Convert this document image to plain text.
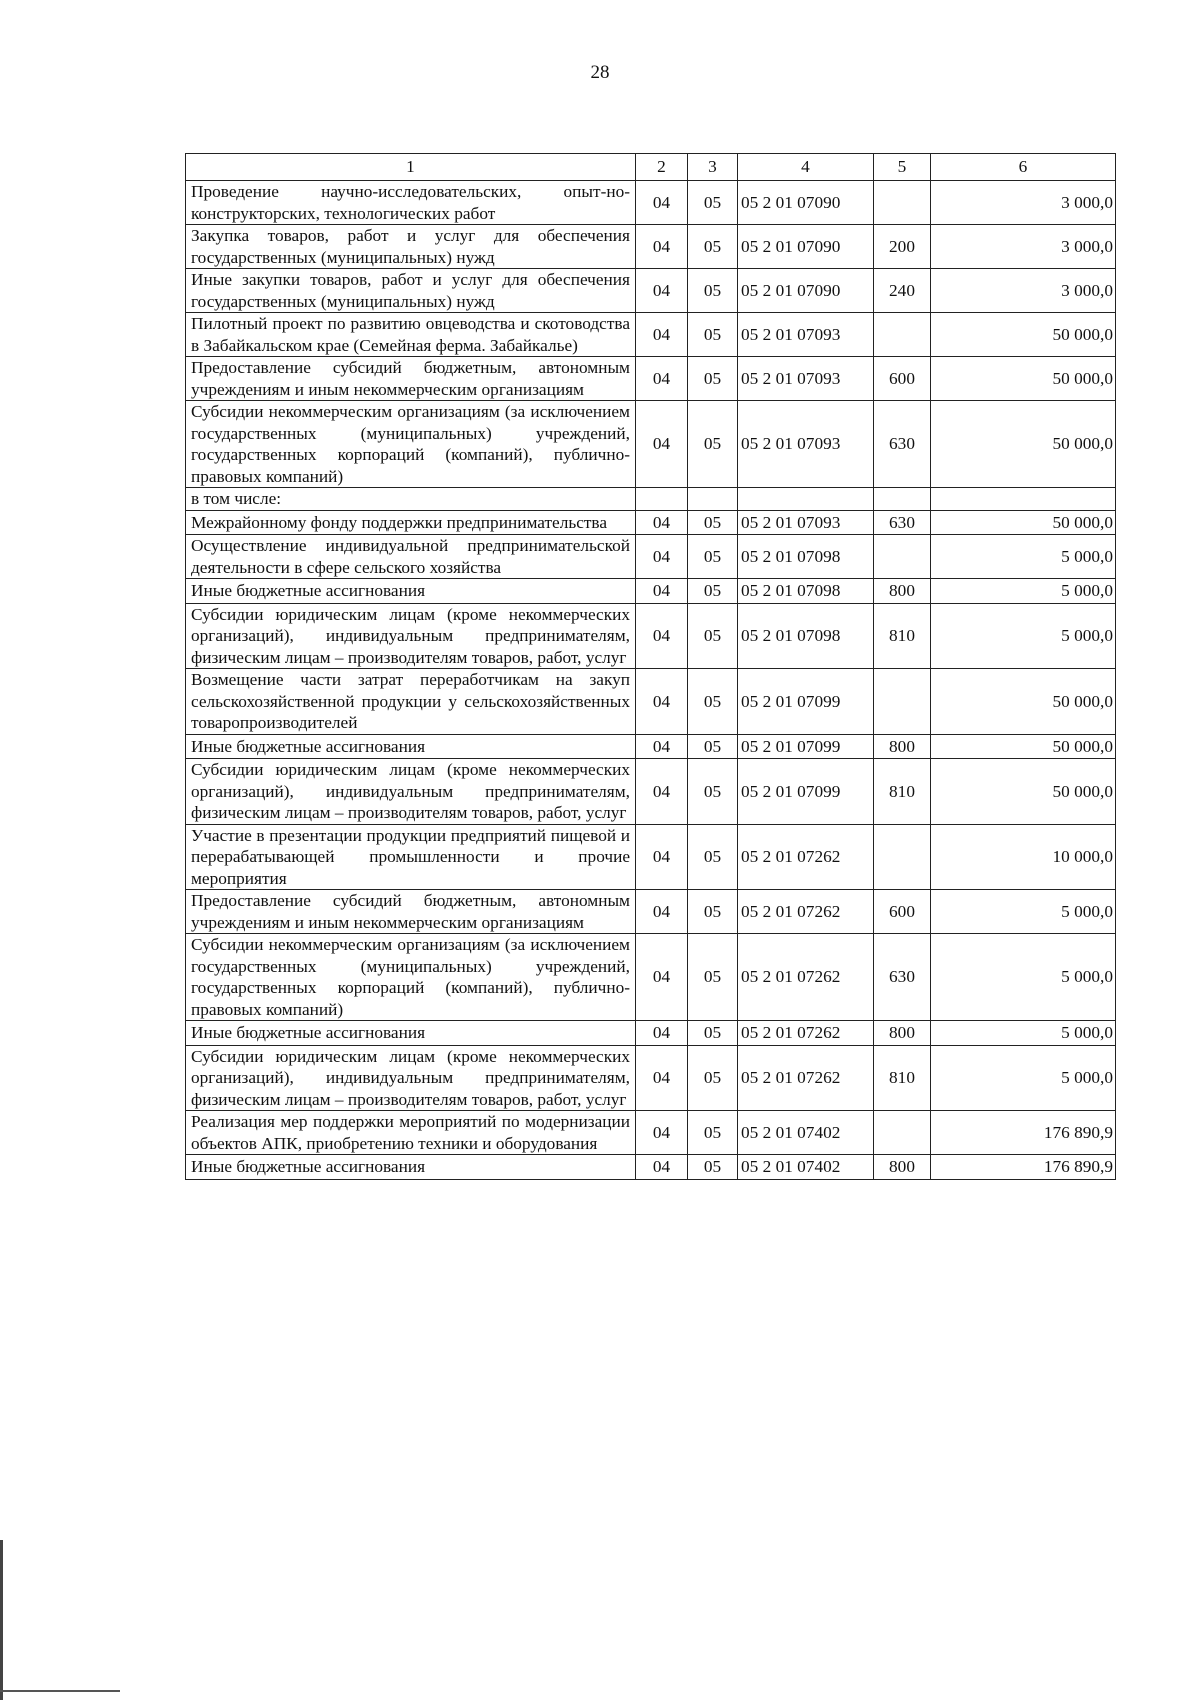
28
1	2	3	4	5	6
Проведение научно-исследовательских, опыт-но-конструкторских, технологических работ	04	05	05 2 01 07090		3 000,0
Закупка товаров, работ и услуг для обеспечения государственных (муниципальных) нужд	04	05	05 2 01 07090	200	3 000,0
Иные закупки товаров, работ и услуг для обеспечения государственных (муниципальных) нужд	04	05	05 2 01 07090	240	3 000,0
Пилотный проект по развитию овцеводства и скотоводства в Забайкальском крае (Семейная ферма. Забайкалье)	04	05	05 2 01 07093		50 000,0
Предоставление субсидий бюджетным, автономным учреждениям и иным некоммерческим организациям	04	05	05 2 01 07093	600	50 000,0
Субсидии некоммерческим организациям (за исключением государственных (муниципальных) учреждений, государственных корпораций (компаний), публично-правовых компаний)	04	05	05 2 01 07093	630	50 000,0
в том числе:					
Межрайонному фонду поддержки предпринимательства	04	05	05 2 01 07093	630	50 000,0
Осуществление индивидуальной предпринимательской деятельности в сфере сельского хозяйства	04	05	05 2 01 07098		5 000,0
Иные бюджетные ассигнования	04	05	05 2 01 07098	800	5 000,0
Субсидии юридическим лицам (кроме некоммерческих организаций), индивидуальным предпринимателям, физическим лицам – производителям товаров, работ, услуг	04	05	05 2 01 07098	810	5 000,0
Возмещение части затрат переработчикам на закуп сельскохозяйственной продукции у сельскохозяйственных товаропроизводителей	04	05	05 2 01 07099		50 000,0
Иные бюджетные ассигнования	04	05	05 2 01 07099	800	50 000,0
Субсидии юридическим лицам (кроме некоммерческих организаций), индивидуальным предпринимателям, физическим лицам – производителям товаров, работ, услуг	04	05	05 2 01 07099	810	50 000,0
Участие в презентации продукции предприятий пищевой и перерабатывающей промышленности и прочие мероприятия	04	05	05 2 01 07262		10 000,0
Предоставление субсидий бюджетным, автономным учреждениям и иным некоммерческим организациям	04	05	05 2 01 07262	600	5 000,0
Субсидии некоммерческим организациям (за исключением государственных (муниципальных) учреждений, государственных корпораций (компаний), публично-правовых компаний)	04	05	05 2 01 07262	630	5 000,0
Иные бюджетные ассигнования	04	05	05 2 01 07262	800	5 000,0
Субсидии юридическим лицам (кроме некоммерческих организаций), индивидуальным предпринимателям, физическим лицам – производителям товаров, работ, услуг	04	05	05 2 01 07262	810	5 000,0
Реализация мер поддержки мероприятий по модернизации объектов АПК, приобретению техники и оборудования	04	05	05 2 01 07402		176 890,9
Иные бюджетные ассигнования	04	05	05 2 01 07402	800	176 890,9
